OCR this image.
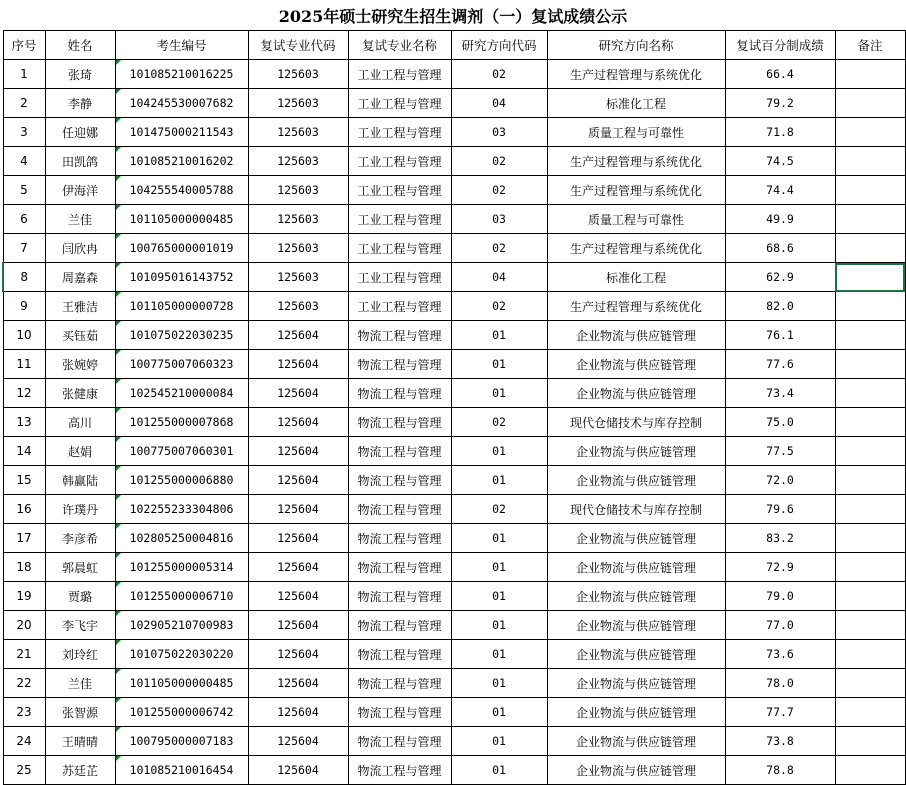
2025年硕士研究生招生调剂（一）复试成绩公示
序号	姓名	考生编号	复试专业代码	复试专业名称	研究方向代码	研究方向名称	复试百分制成绩	备注
1	张琦	101085210016225	125603	工业工程与管理	02	生产过程管理与系统优化	66.4	
2	李静	104245530007682	125603	工业工程与管理	04	标准化工程	79.2	
3	任迎娜	101475000211543	125603	工业工程与管理	03	质量工程与可靠性	71.8	
4	田凯鸽	101085210016202	125603	工业工程与管理	02	生产过程管理与系统优化	74.5	
5	伊海洋	104255540005788	125603	工业工程与管理	02	生产过程管理与系统优化	74.4	
6	兰佳	101105000000485	125603	工业工程与管理	03	质量工程与可靠性	49.9	
7	闫欣冉	100765000001019	125603	工业工程与管理	02	生产过程管理与系统优化	68.6	
8	周嘉森	101095016143752	125603	工业工程与管理	04	标准化工程	62.9	
9	王雅洁	101105000000728	125603	工业工程与管理	02	生产过程管理与系统优化	82.0	
10	买钰茹	101075022030235	125604	物流工程与管理	01	企业物流与供应链管理	76.1	
11	张婉婷	100775007060323	125604	物流工程与管理	01	企业物流与供应链管理	77.6	
12	张健康	102545210000084	125604	物流工程与管理	01	企业物流与供应链管理	73.4	
13	高川	101255000007868	125604	物流工程与管理	02	现代仓储技术与库存控制	75.0	
14	赵娟	100775007060301	125604	物流工程与管理	01	企业物流与供应链管理	77.5	
15	韩赢陆	101255000006880	125604	物流工程与管理	01	企业物流与供应链管理	72.0	
16	许璞丹	102255233304806	125604	物流工程与管理	02	现代仓储技术与库存控制	79.6	
17	李彦希	102805250004816	125604	物流工程与管理	01	企业物流与供应链管理	83.2	
18	郭晨虹	101255000005314	125604	物流工程与管理	01	企业物流与供应链管理	72.9	
19	贾璐	101255000006710	125604	物流工程与管理	01	企业物流与供应链管理	79.0	
20	李飞宇	102905210700983	125604	物流工程与管理	01	企业物流与供应链管理	77.0	
21	刘玲红	101075022030220	125604	物流工程与管理	01	企业物流与供应链管理	73.6	
22	兰佳	101105000000485	125604	物流工程与管理	01	企业物流与供应链管理	78.0	
23	张智源	101255000006742	125604	物流工程与管理	01	企业物流与供应链管理	77.7	
24	王晴晴	100795000007183	125604	物流工程与管理	01	企业物流与供应链管理	73.8	
25	苏廷芷	101085210016454	125604	物流工程与管理	01	企业物流与供应链管理	78.8	
